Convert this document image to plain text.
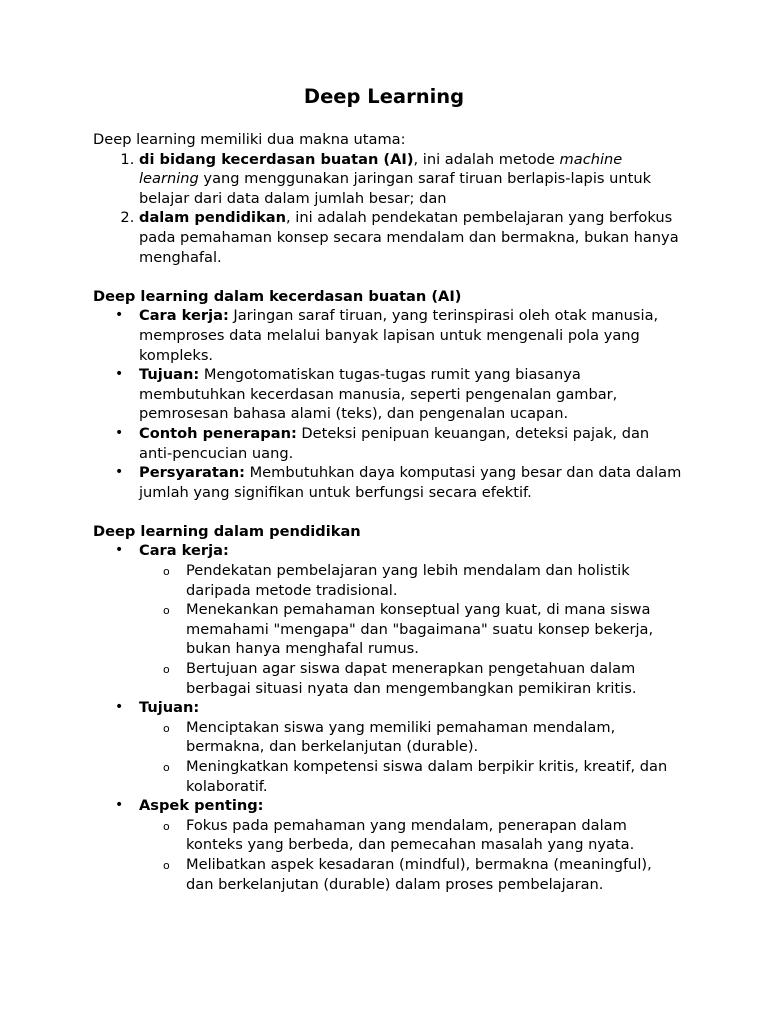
Deep Learning

Deep learning memiliki dua makna utama:

1. di bidang kecerdasan buatan (AI), ini adalah metode machine learning yang menggunakan jaringan saraf tiruan berlapis-lapis untuk belajar dari data dalam jumlah besar; dan
2. dalam pendidikan, ini adalah pendekatan pembelajaran yang berfokus pada pemahaman konsep secara mendalam dan bermakna, bukan hanya menghafal.

Deep learning dalam kecerdasan buatan (AI)

• Cara kerja: Jaringan saraf tiruan, yang terinspirasi oleh otak manusia, memproses data melalui banyak lapisan untuk mengenali pola yang kompleks.
• Tujuan: Mengotomatiskan tugas-tugas rumit yang biasanya membutuhkan kecerdasan manusia, seperti pengenalan gambar, pemrosesan bahasa alami (teks), dan pengenalan ucapan.
• Contoh penerapan: Deteksi penipuan keuangan, deteksi pajak, dan anti-pencucian uang.
• Persyaratan: Membutuhkan daya komputasi yang besar dan data dalam jumlah yang signifikan untuk berfungsi secara efektif.

Deep learning dalam pendidikan

• Cara kerja:
o Pendekatan pembelajaran yang lebih mendalam dan holistik daripada metode tradisional.
o Menekankan pemahaman konseptual yang kuat, di mana siswa memahami "mengapa" dan "bagaimana" suatu konsep bekerja, bukan hanya menghafal rumus.
o Bertujuan agar siswa dapat menerapkan pengetahuan dalam berbagai situasi nyata dan mengembangkan pemikiran kritis.
• Tujuan:
o Menciptakan siswa yang memiliki pemahaman mendalam, bermakna, dan berkelanjutan (durable).
o Meningkatkan kompetensi siswa dalam berpikir kritis, kreatif, dan kolaboratif.
• Aspek penting:
o Fokus pada pemahaman yang mendalam, penerapan dalam konteks yang berbeda, dan pemecahan masalah yang nyata.
o Melibatkan aspek kesadaran (mindful), bermakna (meaningful), dan berkelanjutan (durable) dalam proses pembelajaran.
